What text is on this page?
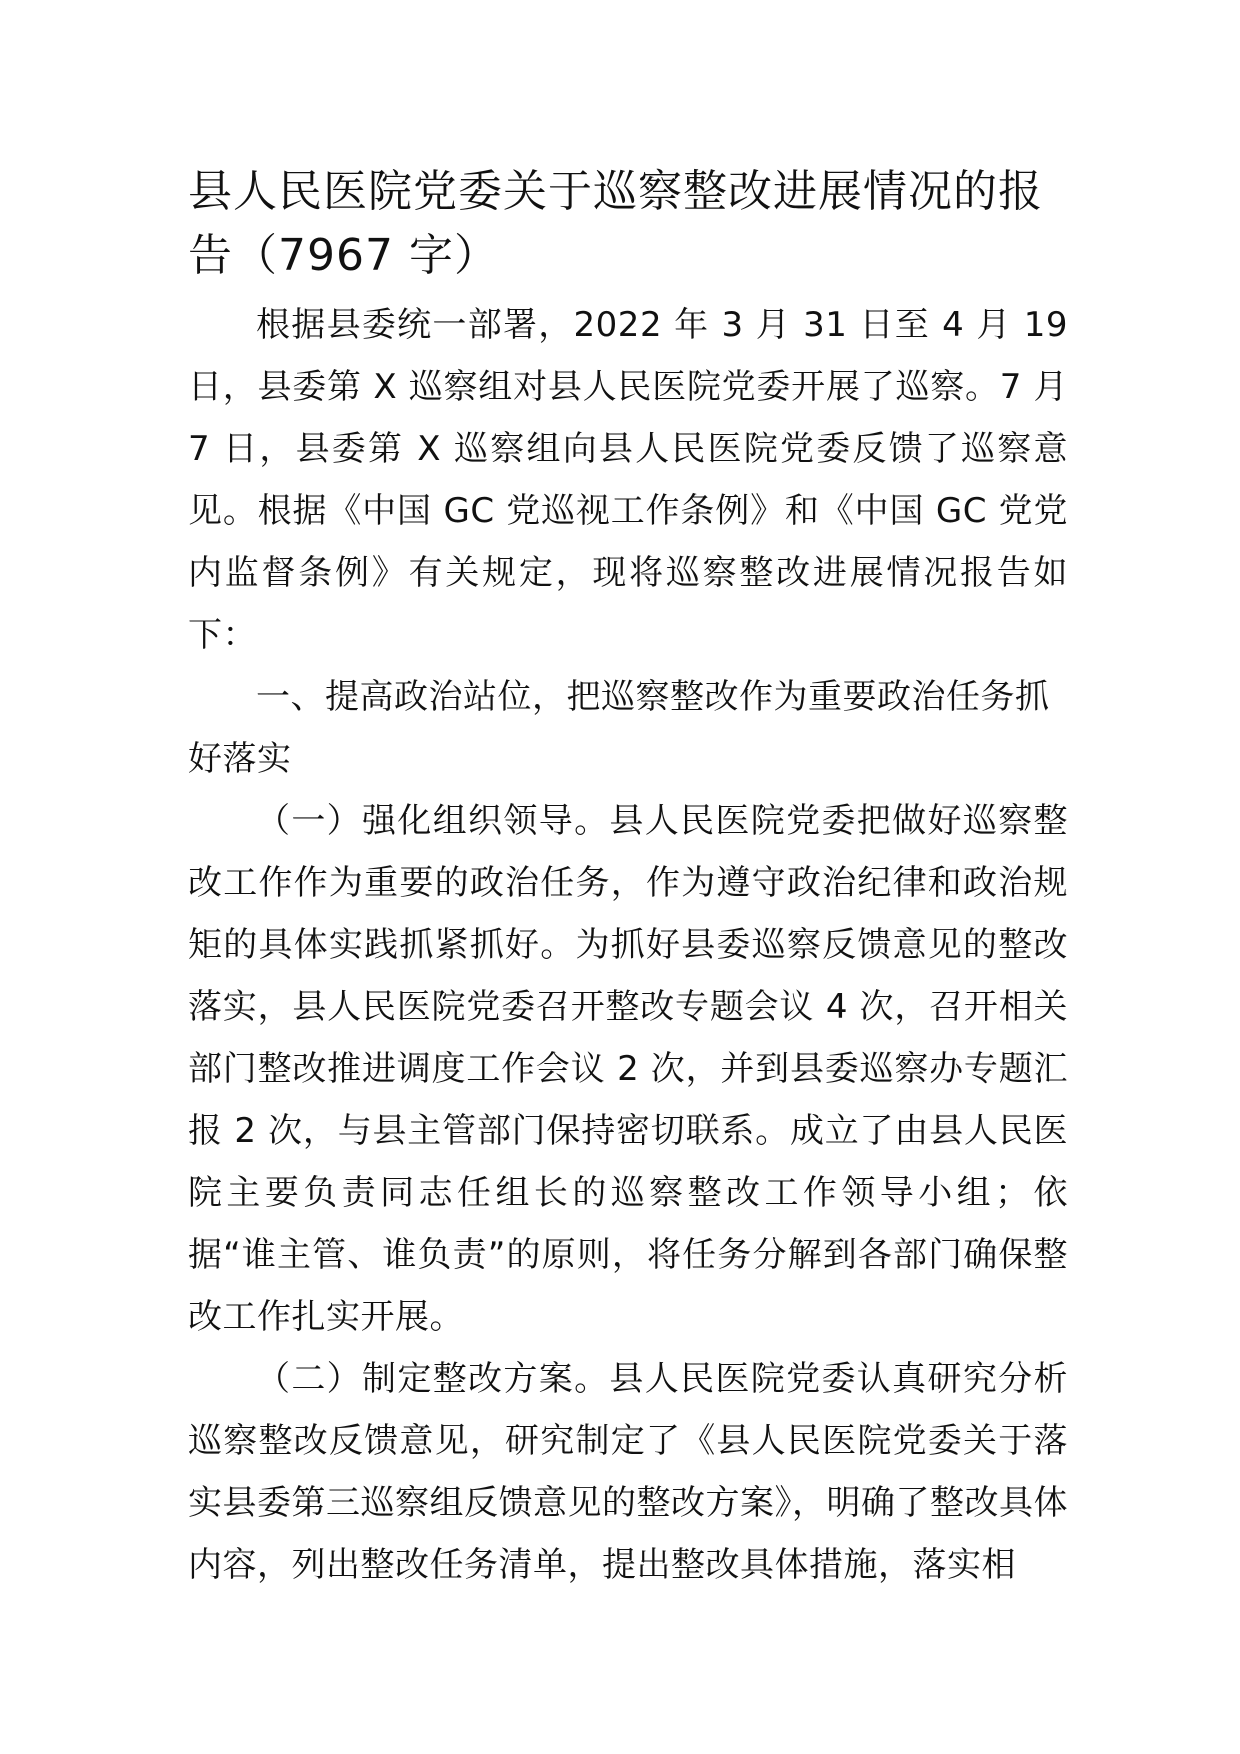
县人民医院党委关于巡察整改进展情况的报告（7967 字）

根据县委统一部署，2022 年 3 月 31 日至 4 月 19 日，县委第 X 巡察组对县人民医院党委开展了巡察。7 月 7 日，县委第 X 巡察组向县人民医院党委反馈了巡察意见。根据《中国 GC 党巡视工作条例》和《中国 GC 党党内监督条例》有关规定，现将巡察整改进展情况报告如下：

一、提高政治站位，把巡察整改作为重要政治任务抓好落实

（一）强化组织领导。县人民医院党委把做好巡察整改工作作为重要的政治任务，作为遵守政治纪律和政治规矩的具体实践抓紧抓好。为抓好县委巡察反馈意见的整改落实，县人民医院党委召开整改专题会议 4 次，召开相关部门整改推进调度工作会议 2 次，并到县委巡察办专题汇报 2 次，与县主管部门保持密切联系。成立了由县人民医院主要负责同志任组长的巡察整改工作领导小组；依据“谁主管、谁负责”的原则，将任务分解到各部门确保整改工作扎实开展。

（二）制定整改方案。县人民医院党委认真研究分析巡察整改反馈意见，研究制定了《县人民医院党委关于落实县委第三巡察组反馈意见的整改方案》，明确了整改具体内容，列出整改任务清单，提出整改具体措施，落实相
